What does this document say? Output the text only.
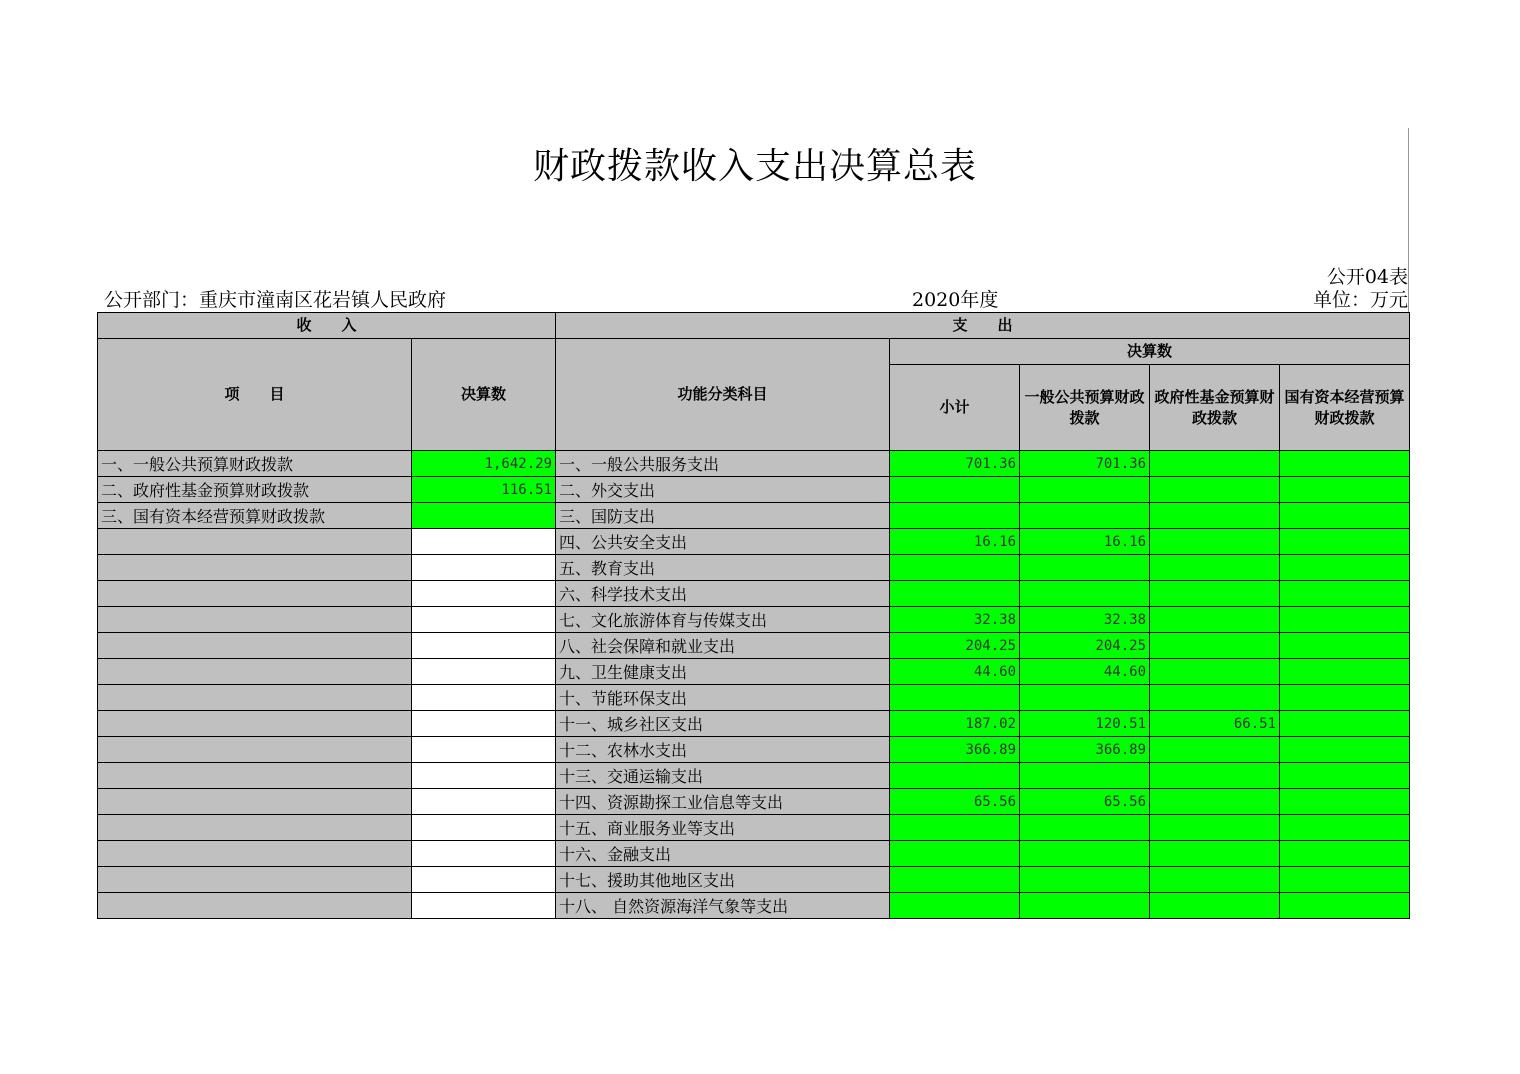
财政拨款收入支出决算总表
公开04表
公开部门：重庆市潼南区花岩镇人民政府	2020年度	单位：万元
收　　入		支　　出				
项　　目	决算数	功能分类科目	决算数			
			小计	一般公共预算财政拨款	政府性基金预算财政拨款	国有资本经营预算财政拨款
一、一般公共预算财政拨款	1,642.29	一、一般公共服务支出	701.36	701.36		
二、政府性基金预算财政拨款	116.51	二、外交支出				
三、国有资本经营预算财政拨款		三、国防支出				
		四、公共安全支出	16.16	16.16		
		五、教育支出				
		六、科学技术支出				
		七、文化旅游体育与传媒支出	32.38	32.38		
		八、社会保障和就业支出	204.25	204.25		
		九、卫生健康支出	44.60	44.60		
		十、节能环保支出				
		十一、城乡社区支出	187.02	120.51	66.51	
		十二、农林水支出	366.89	366.89		
		十三、交通运输支出				
		十四、资源勘探工业信息等支出	65.56	65.56		
		十五、商业服务业等支出				
		十六、金融支出				
		十七、援助其他地区支出				
		十八、 自然资源海洋气象等支出				
